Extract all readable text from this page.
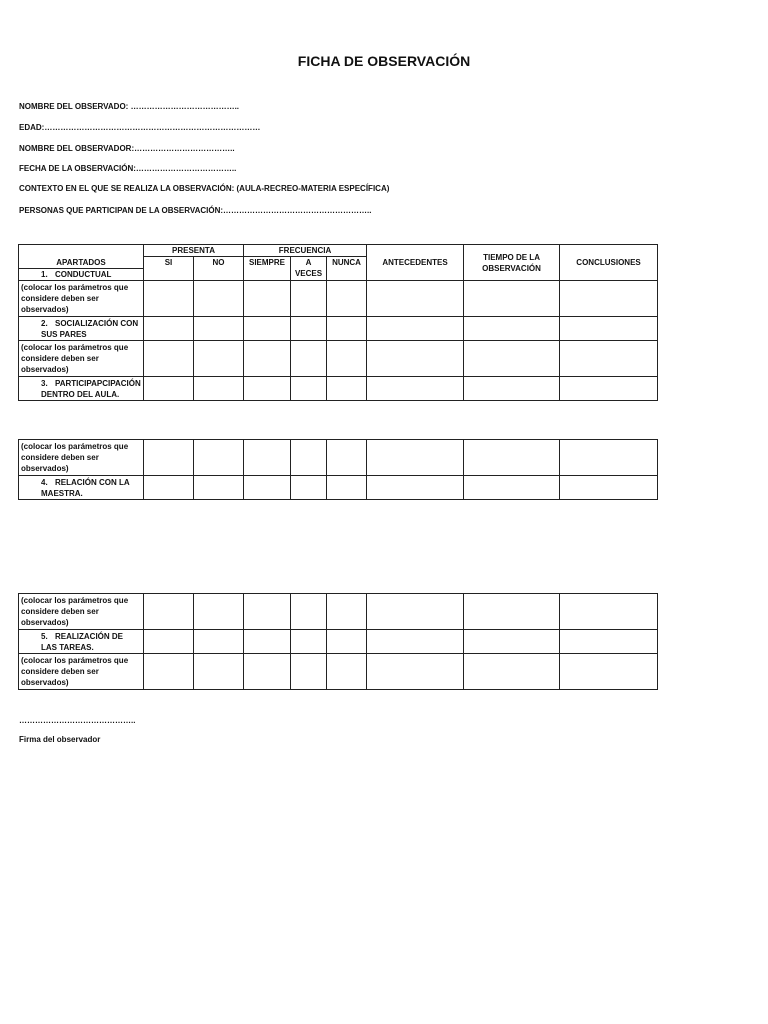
FICHA DE OBSERVACIÓN
NOMBRE DEL OBSERVADO: …………………………………..
EDAD:………………………………………………………………………
NOMBRE DEL OBSERVADOR:………………………………..
FECHA DE LA OBSERVACIÓN:………………………………..
CONTEXTO EN EL QUE SE REALIZA LA OBSERVACIÓN: (AULA-RECREO-MATERIA ESPECÍFICA)
PERSONAS QUE PARTICIPAN DE LA OBSERVACIÓN:………………………………………………..

APARTADOS	PRESENTA		FRECUENCIA			ANTECEDENTES	TIEMPO DE LA OBSERVACIÓN	CONCLUSIONES
	SI	NO	SIEMPRE	A VECES	NUNCA			
1. CONDUCTUAL								
(colocar los parámetros que considere deben ser observados)								
2. SOCIALIZACIÓN CON SUS PARES								
(colocar los parámetros que considere deben ser observados)								
3. PARTICIPAPCIPACIÓN DENTRO DEL AULA.								
(colocar los parámetros que considere deben ser observados)								
4. RELACIÓN CON LA MAESTRA.								
(colocar los parámetros que considere deben ser observados)								
5. REALIZACIÓN DE LAS TAREAS.								
(colocar los parámetros que considere deben ser observados)								
……………………………………..
Firma del observador
